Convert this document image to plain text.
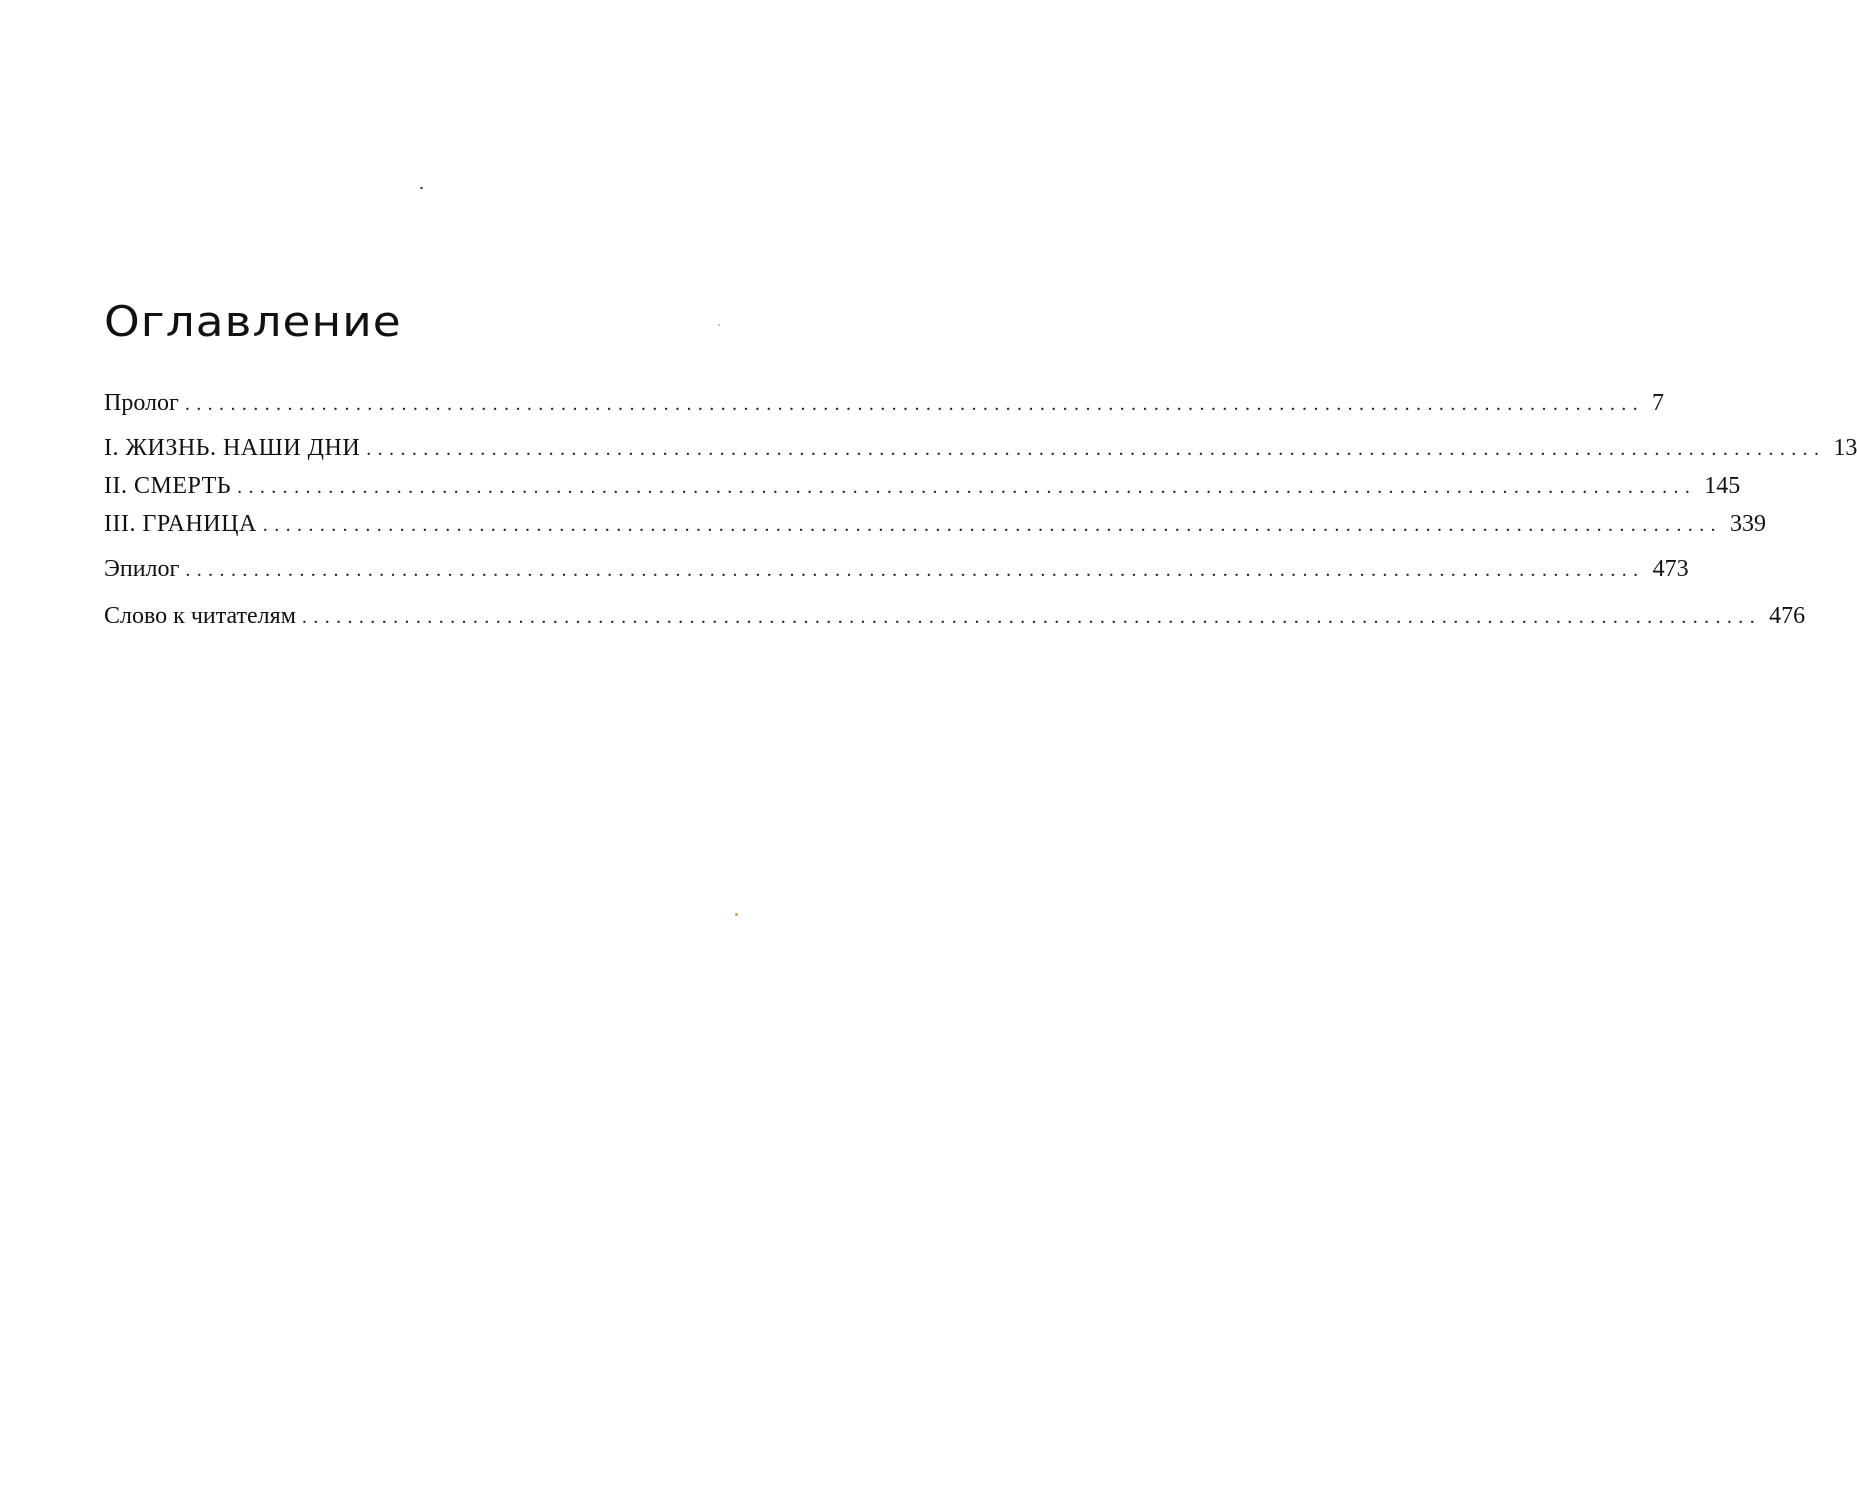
Оглавление
Пролог ................................................................................................................................ 7
I. ЖИЗНЬ. НАШИ ДНИ ................................................................................................................................ 13
II. СМЕРТЬ ................................................................................................................................ 145
III. ГРАНИЦА ................................................................................................................................ 339
Эпилог ................................................................................................................................ 473
Слово к читателям ................................................................................................................................ 476
